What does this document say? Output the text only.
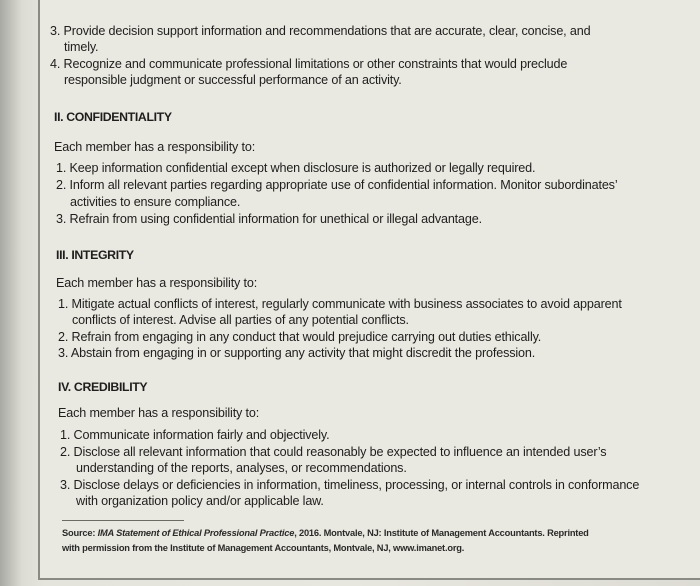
3. Provide decision support information and recommendations that are accurate, clear, concise, and
timely.
4. Recognize and communicate professional limitations or other constraints that would preclude
responsible judgment or successful performance of an activity.
II. CONFIDENTIALITY
Each member has a responsibility to:
1. Keep information confidential except when disclosure is authorized or legally required.
2. Inform all relevant parties regarding appropriate use of confidential information. Monitor subordinates’
activities to ensure compliance.
3. Refrain from using confidential information for unethical or illegal advantage.
III. INTEGRITY
Each member has a responsibility to:
1. Mitigate actual conflicts of interest, regularly communicate with business associates to avoid apparent
conflicts of interest. Advise all parties of any potential conflicts.
2. Refrain from engaging in any conduct that would prejudice carrying out duties ethically.
3. Abstain from engaging in or supporting any activity that might discredit the profession.
IV. CREDIBILITY
Each member has a responsibility to:
1. Communicate information fairly and objectively.
2. Disclose all relevant information that could reasonably be expected to influence an intended user’s
understanding of the reports, analyses, or recommendations.
3. Disclose delays or deficiencies in information, timeliness, processing, or internal controls in conformance
with organization policy and/or applicable law.
Source: IMA Statement of Ethical Professional Practice, 2016. Montvale, NJ: Institute of Management Accountants. Reprinted
with permission from the Institute of Management Accountants, Montvale, NJ, www.imanet.org.
